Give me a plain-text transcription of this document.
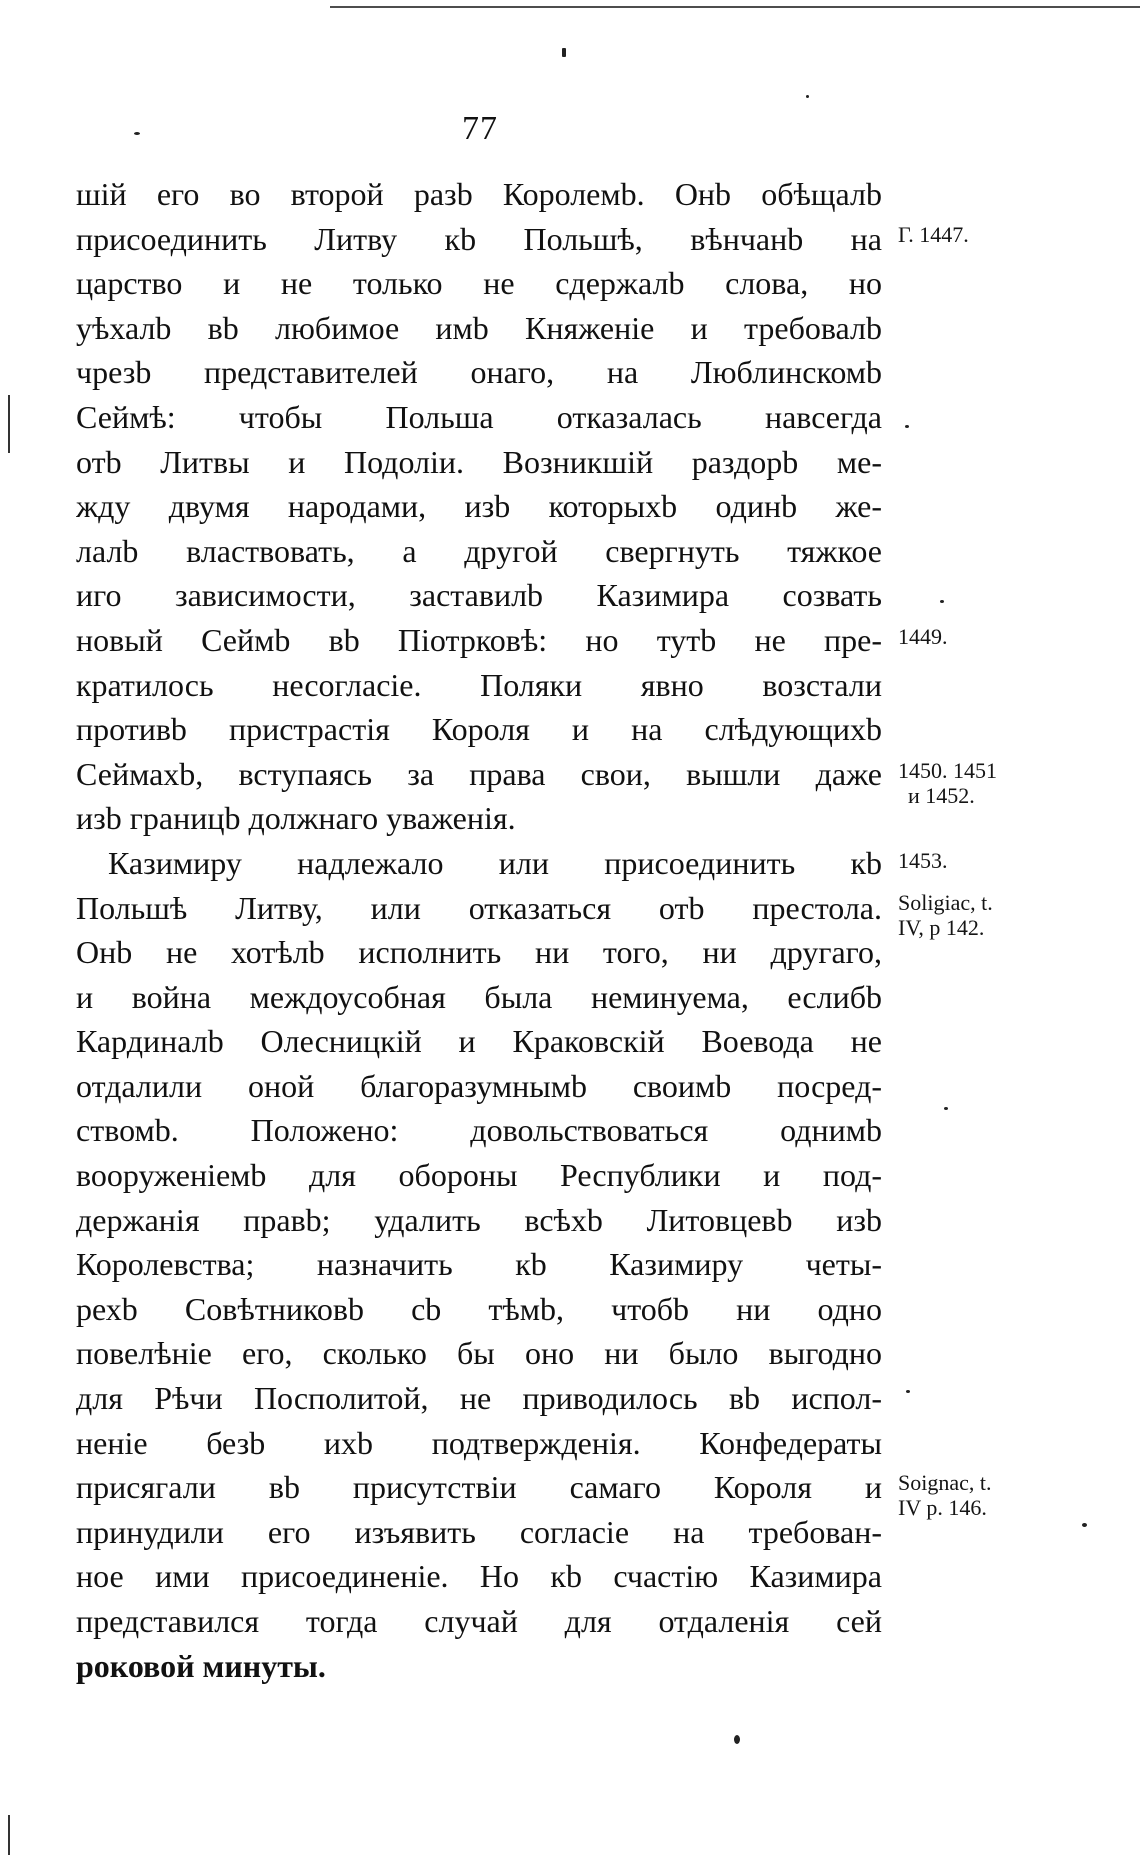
77
шій его во второй разb Королемb. Онb обѣщалb
присоединить Литву кb Польшѣ, вѣнчанb на
царство и не только не сдержалb слова, но
уѣхалb вb любимое имb Княженіе и требовалb
чрезb представителей онаго, на Люблинскомb
Сеймѣ: чтобы Польша отказалась навсегда
отb Литвы и Подоліи. Возникшій раздорb ме-
жду двумя народами, изb которыхb одинb же-
лалb властвовать, а другой свергнуть тяжкое
иго зависимости, заставилb Казимира созвать
новый Сеймb вb Піотрковѣ: но тутb не пре-
кратилось несогласіе. Поляки явно возстали
противb пристрастія Короля и на слѣдующихb
Сеймахb, вступаясь за права свои, вышли даже
изb границb должнаго уваженія.
Казимиру надлежало или присоединить кb
Польшѣ Литву, или отказаться отb престола.
Онb не хотѣлb исполнить ни того, ни другаго,
и война междоусобная была неминуема, еслибb
Кардиналb Олесницкій и Краковскій Воевода не
отдалили оной благоразумнымb своимb посред-
ствомb. Положено: довольствоваться однимb
вооруженіемb для обороны Республики и под-
держанія правb; удалить всѣхb Литовцевb изb
Королевства; назначить кb Казимиру четы-
рехb Совѣтниковb сb тѣмb, чтобb ни одно
повелѣніе его, сколько бы оно ни было выгодно
для Рѣчи Посполитой, не приводилось вb испол-
неніе безb ихb подтвержденія. Конфедераты
присягали вb присутствіи самаго Короля и
принудили его изъявить согласіе на требован-
ное ими присоединеніе. Но кb счастію Казимира
представился тогда случай для отдаленія сей
роковой минуты.
Г. 1447.
1449.
1450. 1451
и 1452.
1453.
Soligiac, t.
IV, p 142.
Soignac, t.
IV p. 146.
